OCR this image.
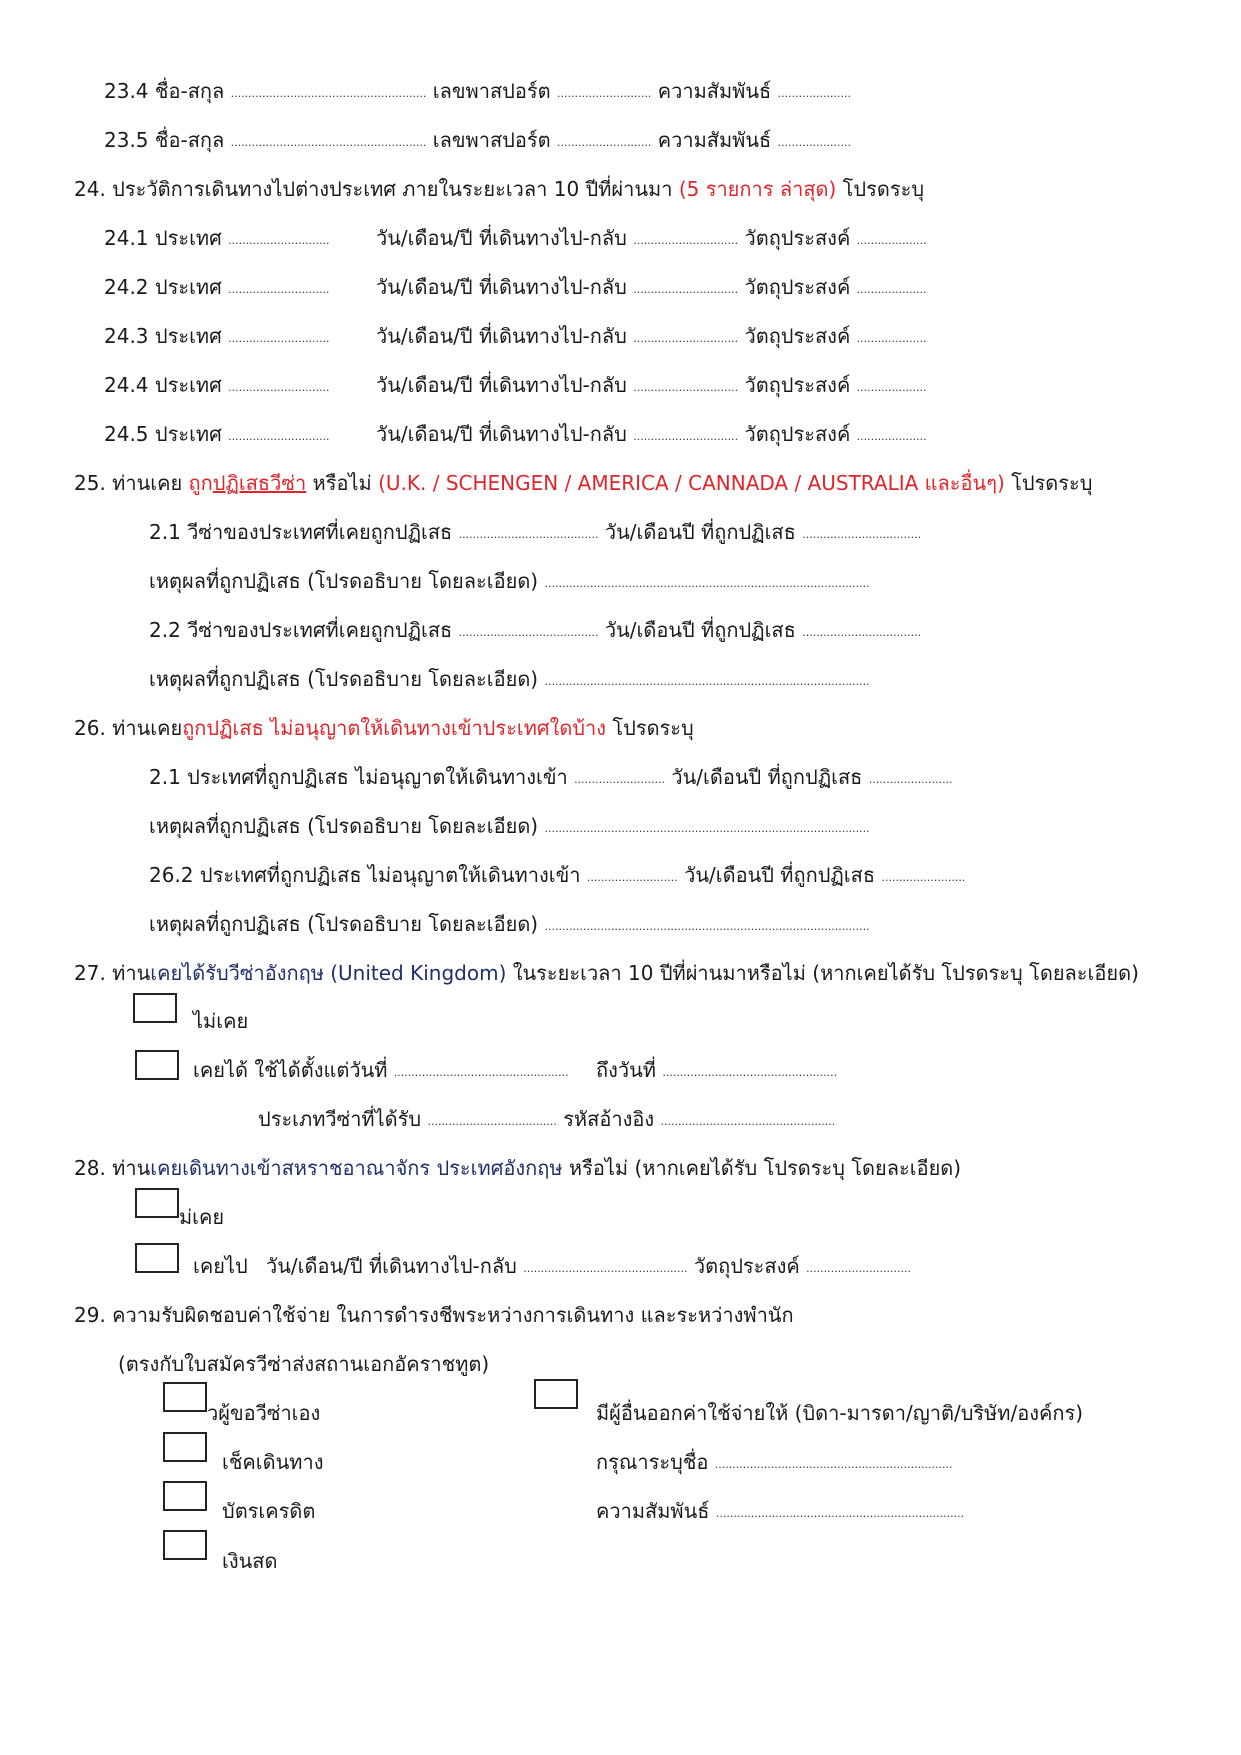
23.4 ชื่อ-สกุล ........................................................ เลขพาสปอร์ต ........................... ความสัมพันธ์ .....................
23.5 ชื่อ-สกุล ........................................................ เลขพาสปอร์ต ........................... ความสัมพันธ์ .....................
24. ประวัติการเดินทางไปต่างประเทศ ภายในระยะเวลา 10 ปีที่ผ่านมา (5 รายการ ล่าสุด) โปรดระบุ
24.1 ประเทศ .............................
24.2 ประเทศ .............................
24.3 ประเทศ .............................
24.4 ประเทศ .............................
24.5 ประเทศ .............................
วัน/เดือน/ปี ที่เดินทางไป-กลับ .............................. วัตถุประสงค์ ....................
วัน/เดือน/ปี ที่เดินทางไป-กลับ .............................. วัตถุประสงค์ ....................
วัน/เดือน/ปี ที่เดินทางไป-กลับ .............................. วัตถุประสงค์ ....................
วัน/เดือน/ปี ที่เดินทางไป-กลับ .............................. วัตถุประสงค์ ....................
วัน/เดือน/ปี ที่เดินทางไป-กลับ .............................. วัตถุประสงค์ ....................
25. ท่านเคย ถูกปฏิเสธวีซ่า หรือไม่ (U.K. / SCHENGEN / AMERICA / CANNADA / AUSTRALIA และอื่นๆ) โปรดระบุ
2.1 วีซ่าของประเทศที่เคยถูกปฏิเสธ ........................................ วัน/เดือนปี ที่ถูกปฏิเสธ ..................................
เหตุผลที่ถูกปฏิเสธ (โปรดอธิบาย โดยละเอียด) .............................................................................................
2.2 วีซ่าของประเทศที่เคยถูกปฏิเสธ ........................................ วัน/เดือนปี ที่ถูกปฏิเสธ ..................................
เหตุผลที่ถูกปฏิเสธ (โปรดอธิบาย โดยละเอียด) .............................................................................................
26. ท่านเคยถูกปฏิเสธ ไม่อนุญาตให้เดินทางเข้าประเทศใดบ้าง โปรดระบุ
2.1 ประเทศที่ถูกปฏิเสธ ไม่อนุญาตให้เดินทางเข้า .......................... วัน/เดือนปี ที่ถูกปฏิเสธ ........................
เหตุผลที่ถูกปฏิเสธ (โปรดอธิบาย โดยละเอียด) .............................................................................................
26.2 ประเทศที่ถูกปฏิเสธ ไม่อนุญาตให้เดินทางเข้า .......................... วัน/เดือนปี ที่ถูกปฏิเสธ ........................
เหตุผลที่ถูกปฏิเสธ (โปรดอธิบาย โดยละเอียด) .............................................................................................
27. ท่านเคยได้รับวีซ่าอังกฤษ (United Kingdom) ในระยะเวลา 10 ปีที่ผ่านมาหรือไม่ (หากเคยได้รับ โปรดระบุ โดยละเอียด)
ไม่เคย
เคยได้ ใช้ได้ตั้งแต่วันที่ .................................................. ถึงวันที่ ..................................................
ประเภทวีซ่าที่ได้รับ ..................................... รหัสอ้างอิง ..................................................
28. ท่านเคยเดินทางเข้าสหราชอาณาจักร ประเทศอังกฤษ หรือไม่ (หากเคยได้รับ โปรดระบุ โดยละเอียด)
ม่เคย
เคยไป วัน/เดือน/ปี ที่เดินทางไป-กลับ ............................................... วัตถุประสงค์ ..............................
29. ความรับผิดชอบค่าใช้จ่าย ในการดำรงชีพระหว่างการเดินทาง และระหว่างพำนัก
(ตรงกับใบสมัครวีซ่าส่งสถานเอกอัคราชทูต)
วผู้ขอวีซ่าเอง
เช็คเดินทาง
บัตรเครดิต
เงินสด
มีผู้อื่นออกค่าใช้จ่ายให้ (บิดา-มารดา/ญาติ/บริษัท/องค์กร)
กรุณาระบุชื่อ ....................................................................
ความสัมพันธ์ .......................................................................
